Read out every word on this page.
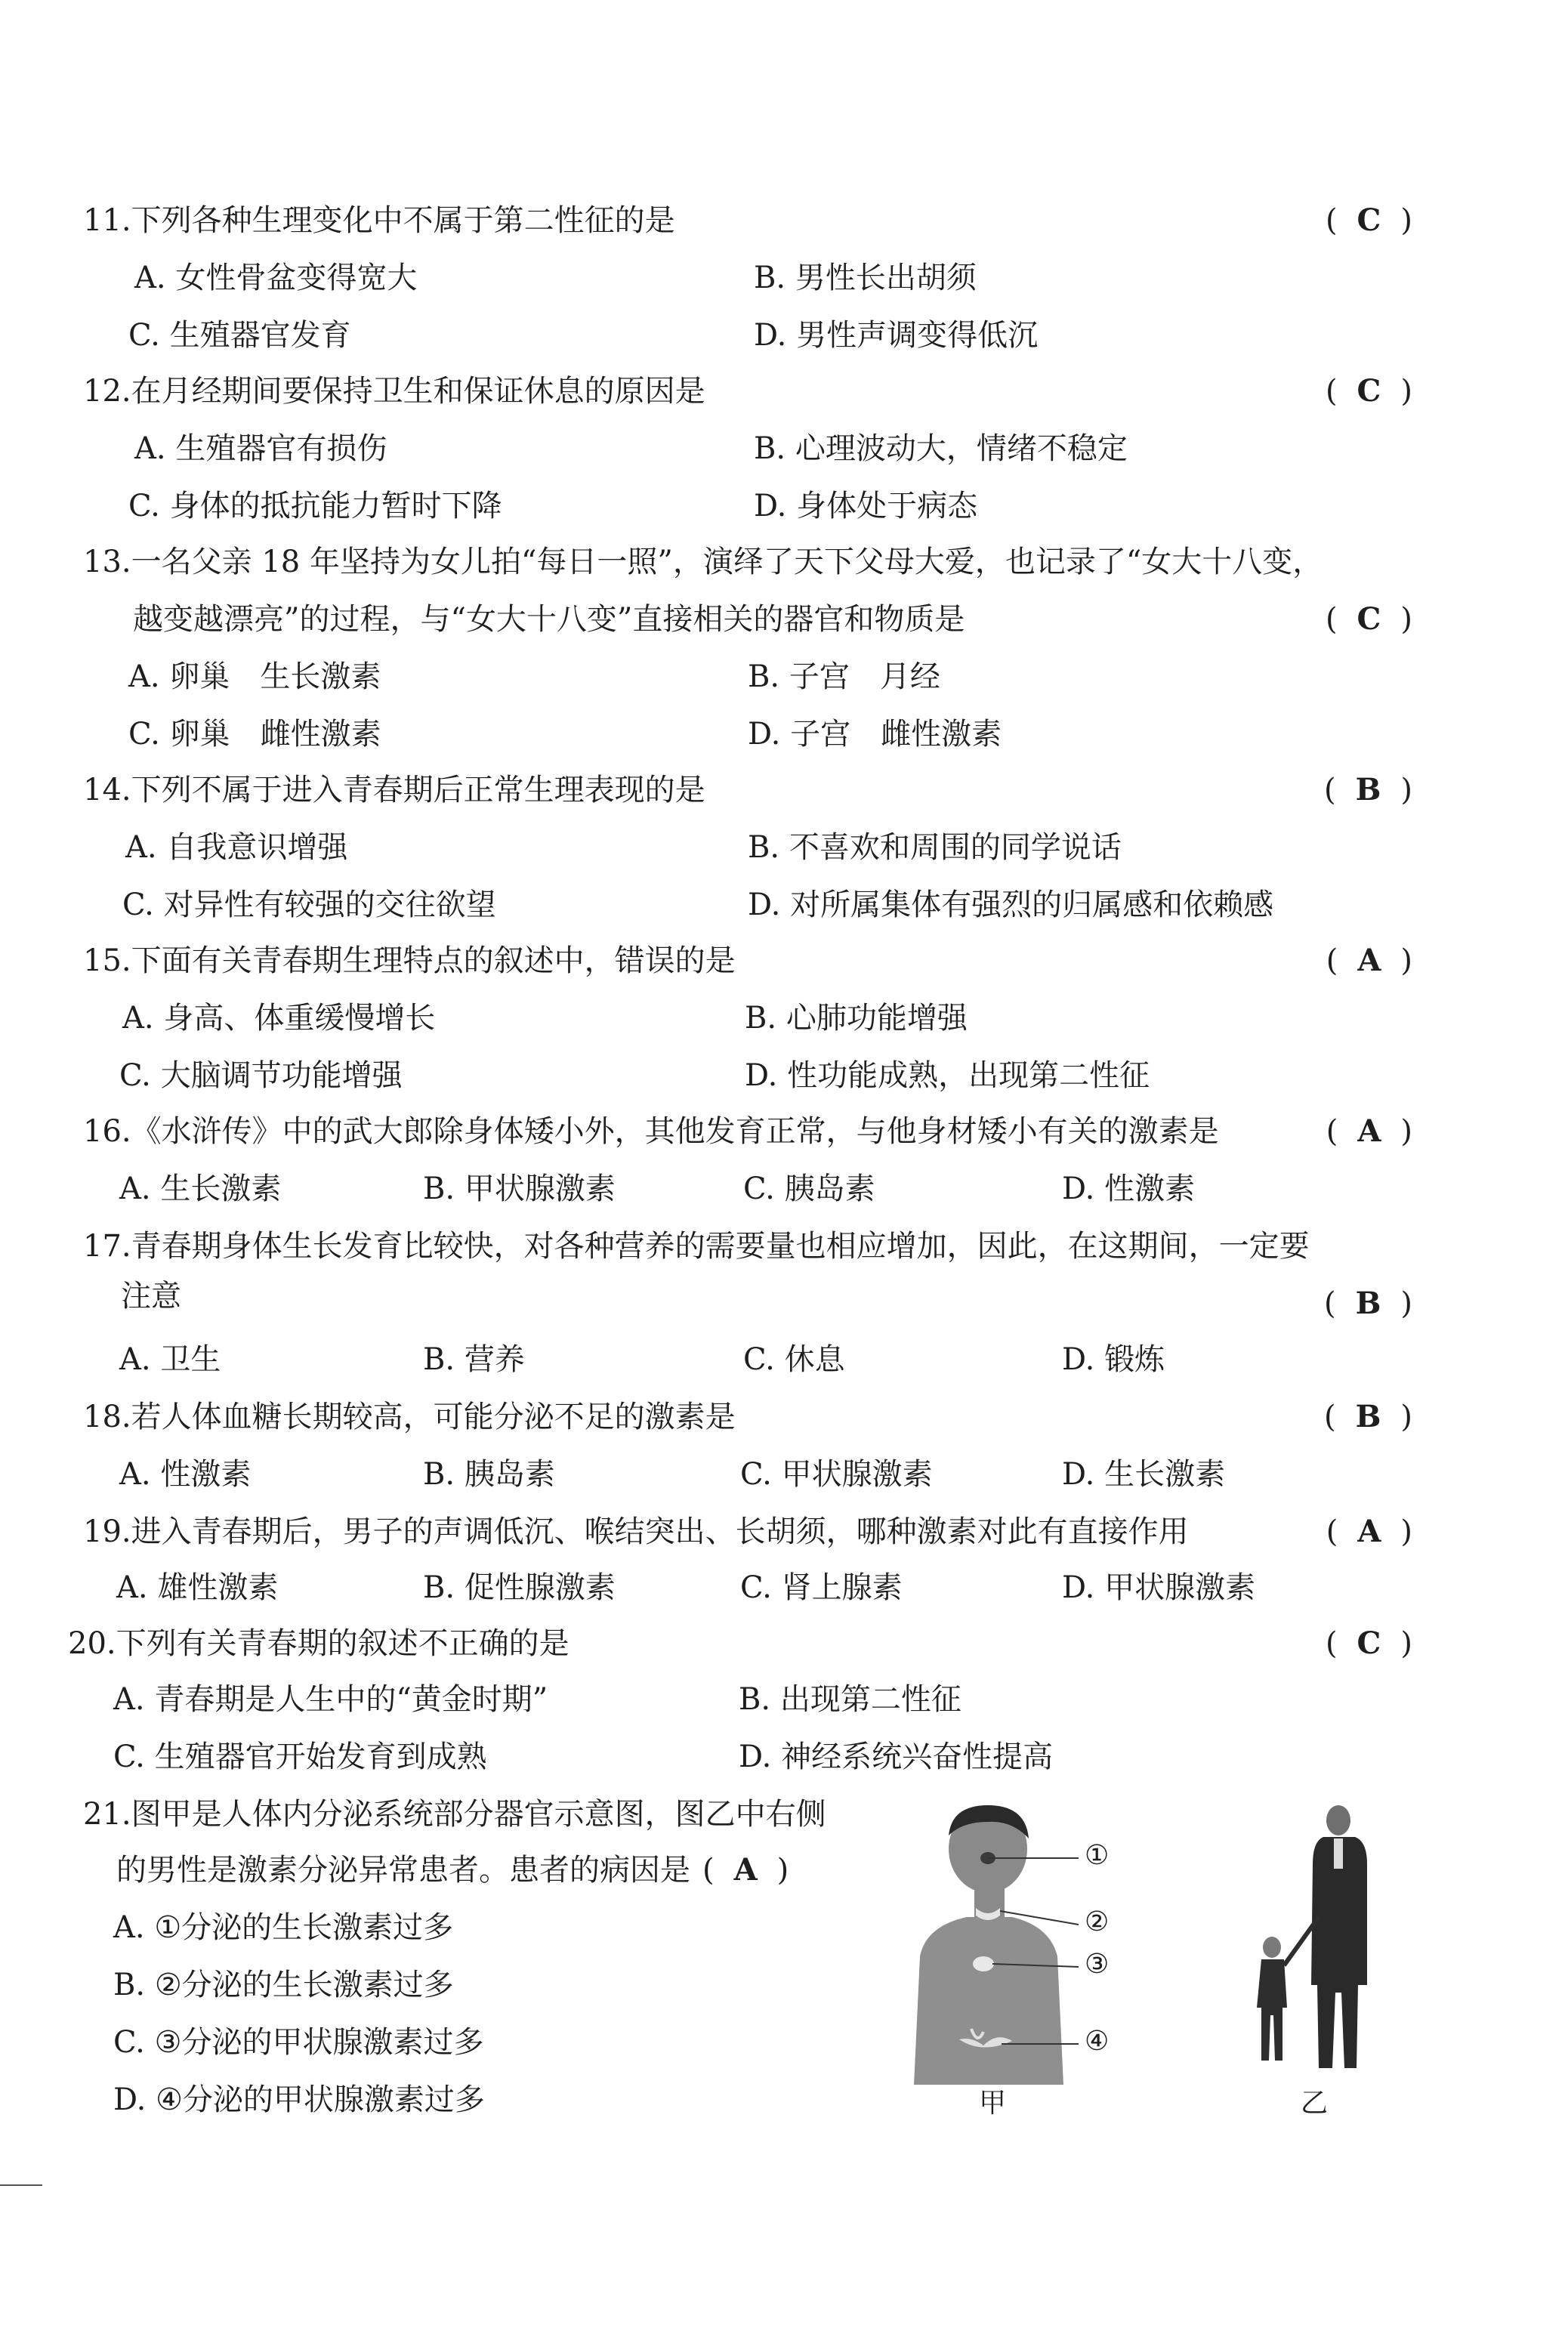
11.下列各种生理变化中不属于第二性征的是	( C )
A. 女性骨盆变得宽大	B. 男性长出胡须
C. 生殖器官发育	D. 男性声调变得低沉
12.在月经期间要保持卫生和保证休息的原因是	( C )
A. 生殖器官有损伤	B. 心理波动大，情绪不稳定
C. 身体的抵抗能力暂时下降	D. 身体处于病态
13.一名父亲 18 年坚持为女儿拍“每日一照”，演绎了天下父母大爱，也记录了“女大十八变，
越变越漂亮”的过程，与“女大十八变”直接相关的器官和物质是	( C )
A. 卵巢　生长激素	B. 子宫　月经
C. 卵巢　雌性激素	D. 子宫　雌性激素
14.下列不属于进入青春期后正常生理表现的是	( B )
A. 自我意识增强	B. 不喜欢和周围的同学说话
C. 对异性有较强的交往欲望	D. 对所属集体有强烈的归属感和依赖感
15.下面有关青春期生理特点的叙述中，错误的是	( A )
A. 身高、体重缓慢增长	B. 心肺功能增强
C. 大脑调节功能增强	D. 性功能成熟，出现第二性征
16.《水浒传》中的武大郎除身体矮小外，其他发育正常，与他身材矮小有关的激素是	( A )
A. 生长激素	B. 甲状腺激素	C. 胰岛素	D. 性激素
17.青春期身体生长发育比较快，对各种营养的需要量也相应增加，因此，在这期间，一定要
注意	( B )
A. 卫生	B. 营养	C. 休息	D. 锻炼
18.若人体血糖长期较高，可能分泌不足的激素是	( B )
A. 性激素	B. 胰岛素	C. 甲状腺激素	D. 生长激素
19.进入青春期后，男子的声调低沉、喉结突出、长胡须，哪种激素对此有直接作用	( A )
A. 雄性激素	B. 促性腺激素	C. 肾上腺素	D. 甲状腺激素
20.下列有关青春期的叙述不正确的是	( C )
A. 青春期是人生中的“黄金时期”	B. 出现第二性征
C. 生殖器官开始发育到成熟	D. 神经系统兴奋性提高
21.图甲是人体内分泌系统部分器官示意图，图乙中右侧
的男性是激素分泌异常患者。患者的病因是 ( A )
A. ①分泌的生长激素过多
B. ②分泌的生长激素过多
C. ③分泌的甲状腺激素过多
D. ④分泌的甲状腺激素过多
①
②
③
④
甲	乙
